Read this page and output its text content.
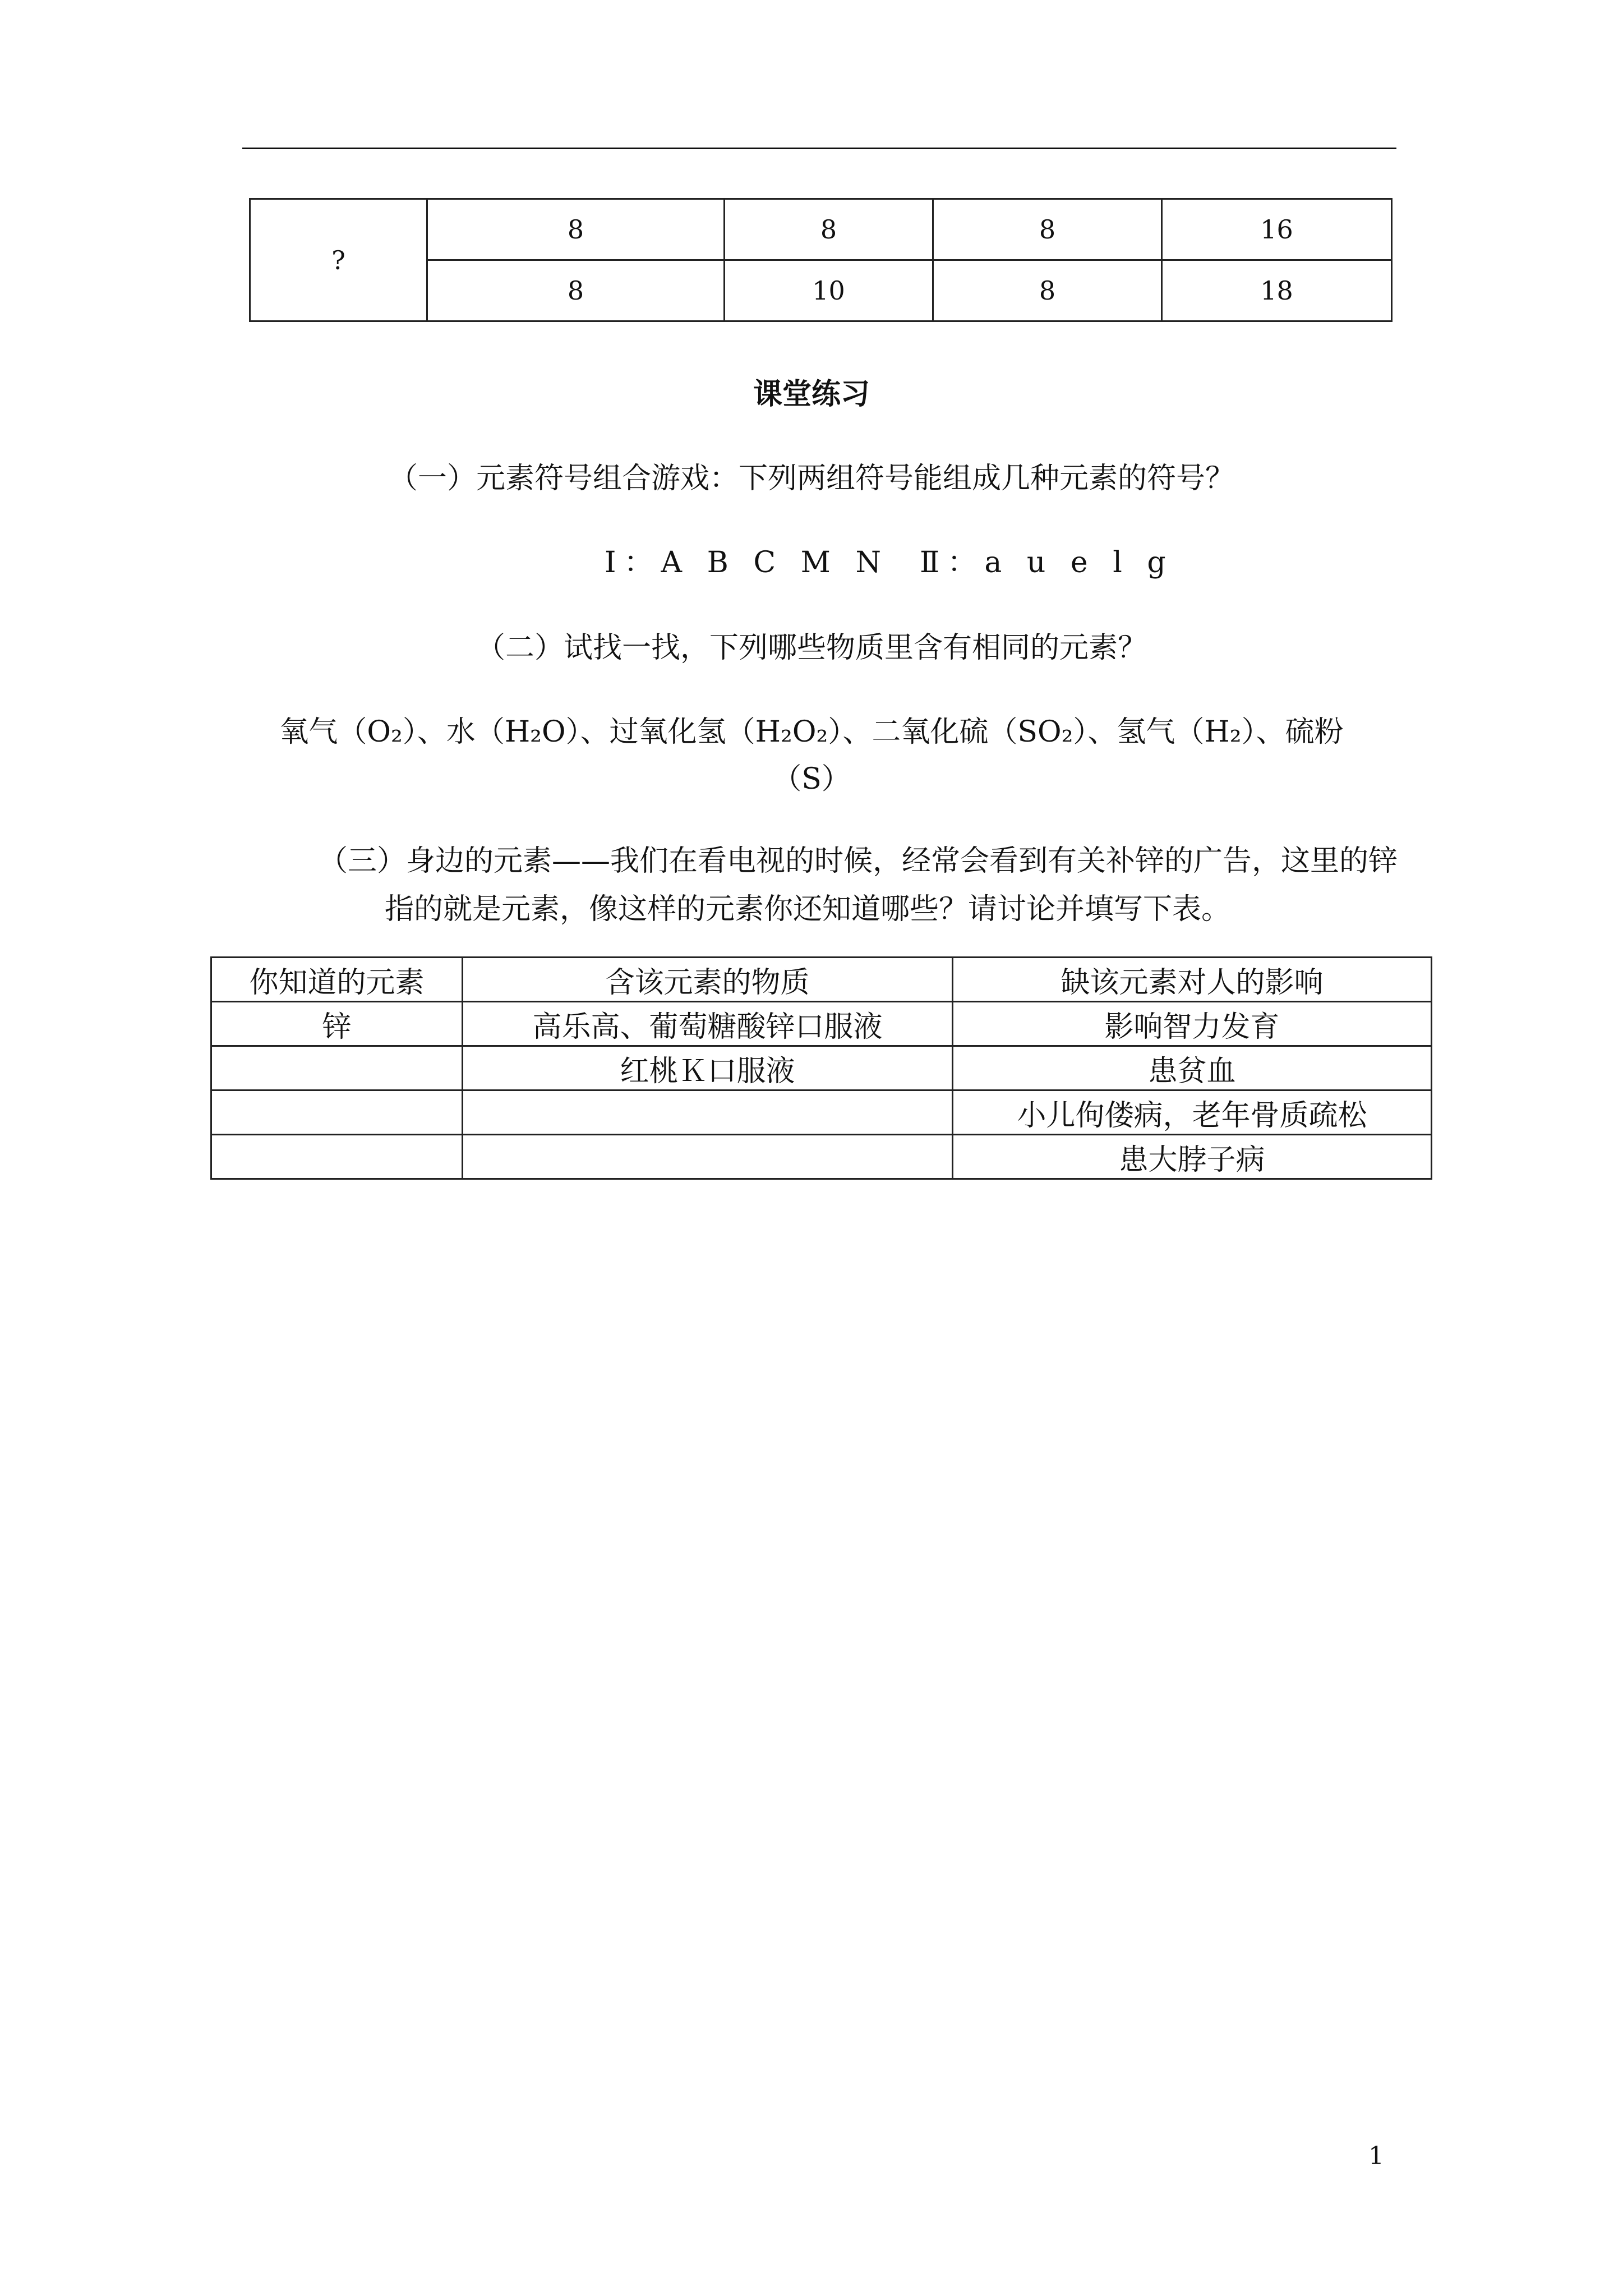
?	8	8	8	16
	8	10	8	18
课堂练习
（一）元素符号组合游戏：下列两组符号能组成几种元素的符号？
Ⅰ：A B C M N Ⅱ：a u e l g
（二）试找一找，下列哪些物质里含有相同的元素？
氧气（O₂）、水（H₂O）、过氧化氢（H₂O₂）、二氧化硫（SO₂）、氢气（H₂）、硫粉
（S）
（三）身边的元素——我们在看电视的时候，经常会看到有关补锌的广告，这里的锌
指的就是元素，像这样的元素你还知道哪些？请讨论并填写下表。
你知道的元素	含该元素的物质	缺该元素对人的影响
锌	高乐高、葡萄糖酸锌口服液	影响智力发育
	红桃Ｋ口服液	患贫血
		小儿佝偻病，老年骨质疏松
		患大脖子病
1
